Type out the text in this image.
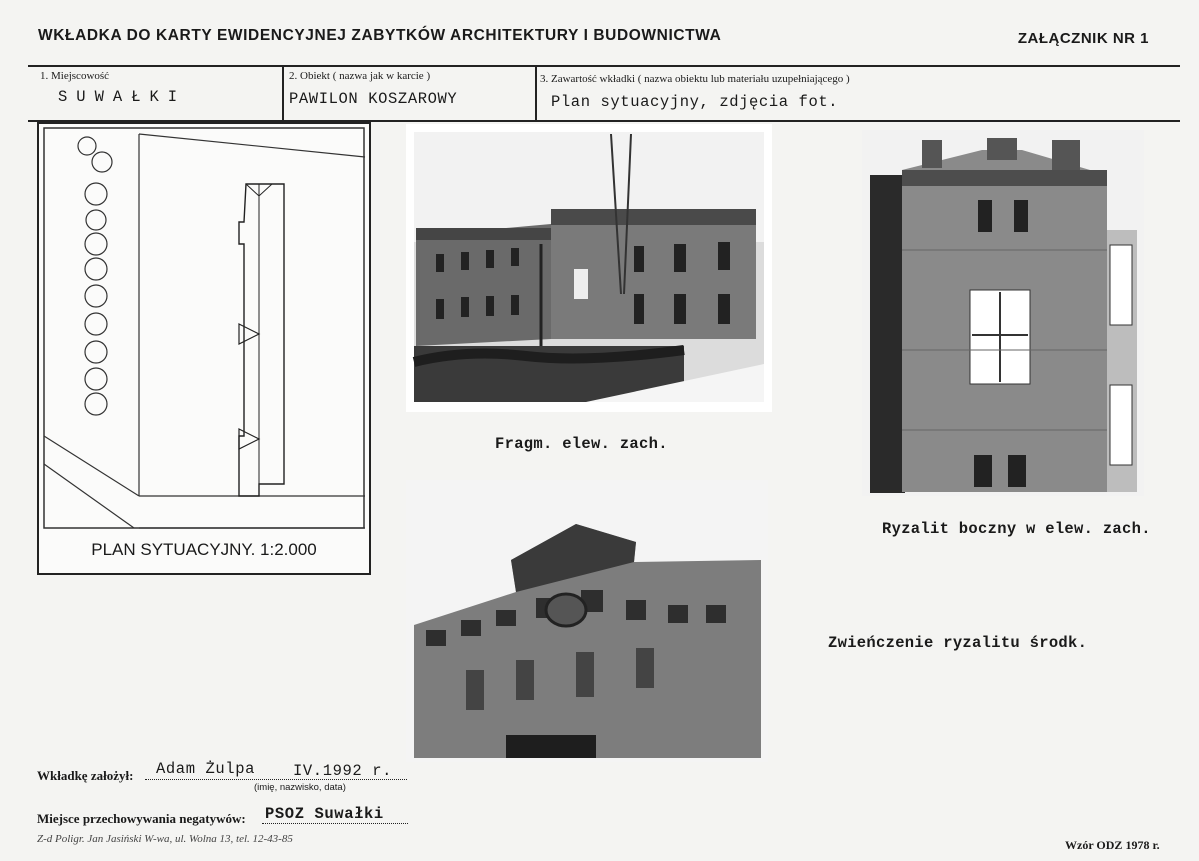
WKŁADKA DO KARTY EWIDENCYJNEJ ZABYTKÓW ARCHITEKTURY I BUDOWNICTWA	ZAŁĄCZNIK NR 1
1. Miejscowość
SUWAŁKI
2. Obiekt ( nazwa jak w karcie )
PAWILON KOSZAROWY
3. Zawartość wkładki ( nazwa obiektu lub materiału uzupełniającego )
Plan sytuacyjny, zdjęcia fot.
PLAN SYTUACYJNY. 1:2.000
Fragm. elew. zach.
Ryzalit boczny w elew. zach.
Zwieńczenie ryzalitu środk.
Wkładkę założył: Adam Żulpa IV.1992 r.
(imię, nazwisko, data)
Miejsce przechowywania negatywów: PSOZ Suwałki
Z-d Poligr. Jan Jasiński W-wa, ul. Wolna 13, tel. 12-43-85	Wzór ODZ 1978 r.
